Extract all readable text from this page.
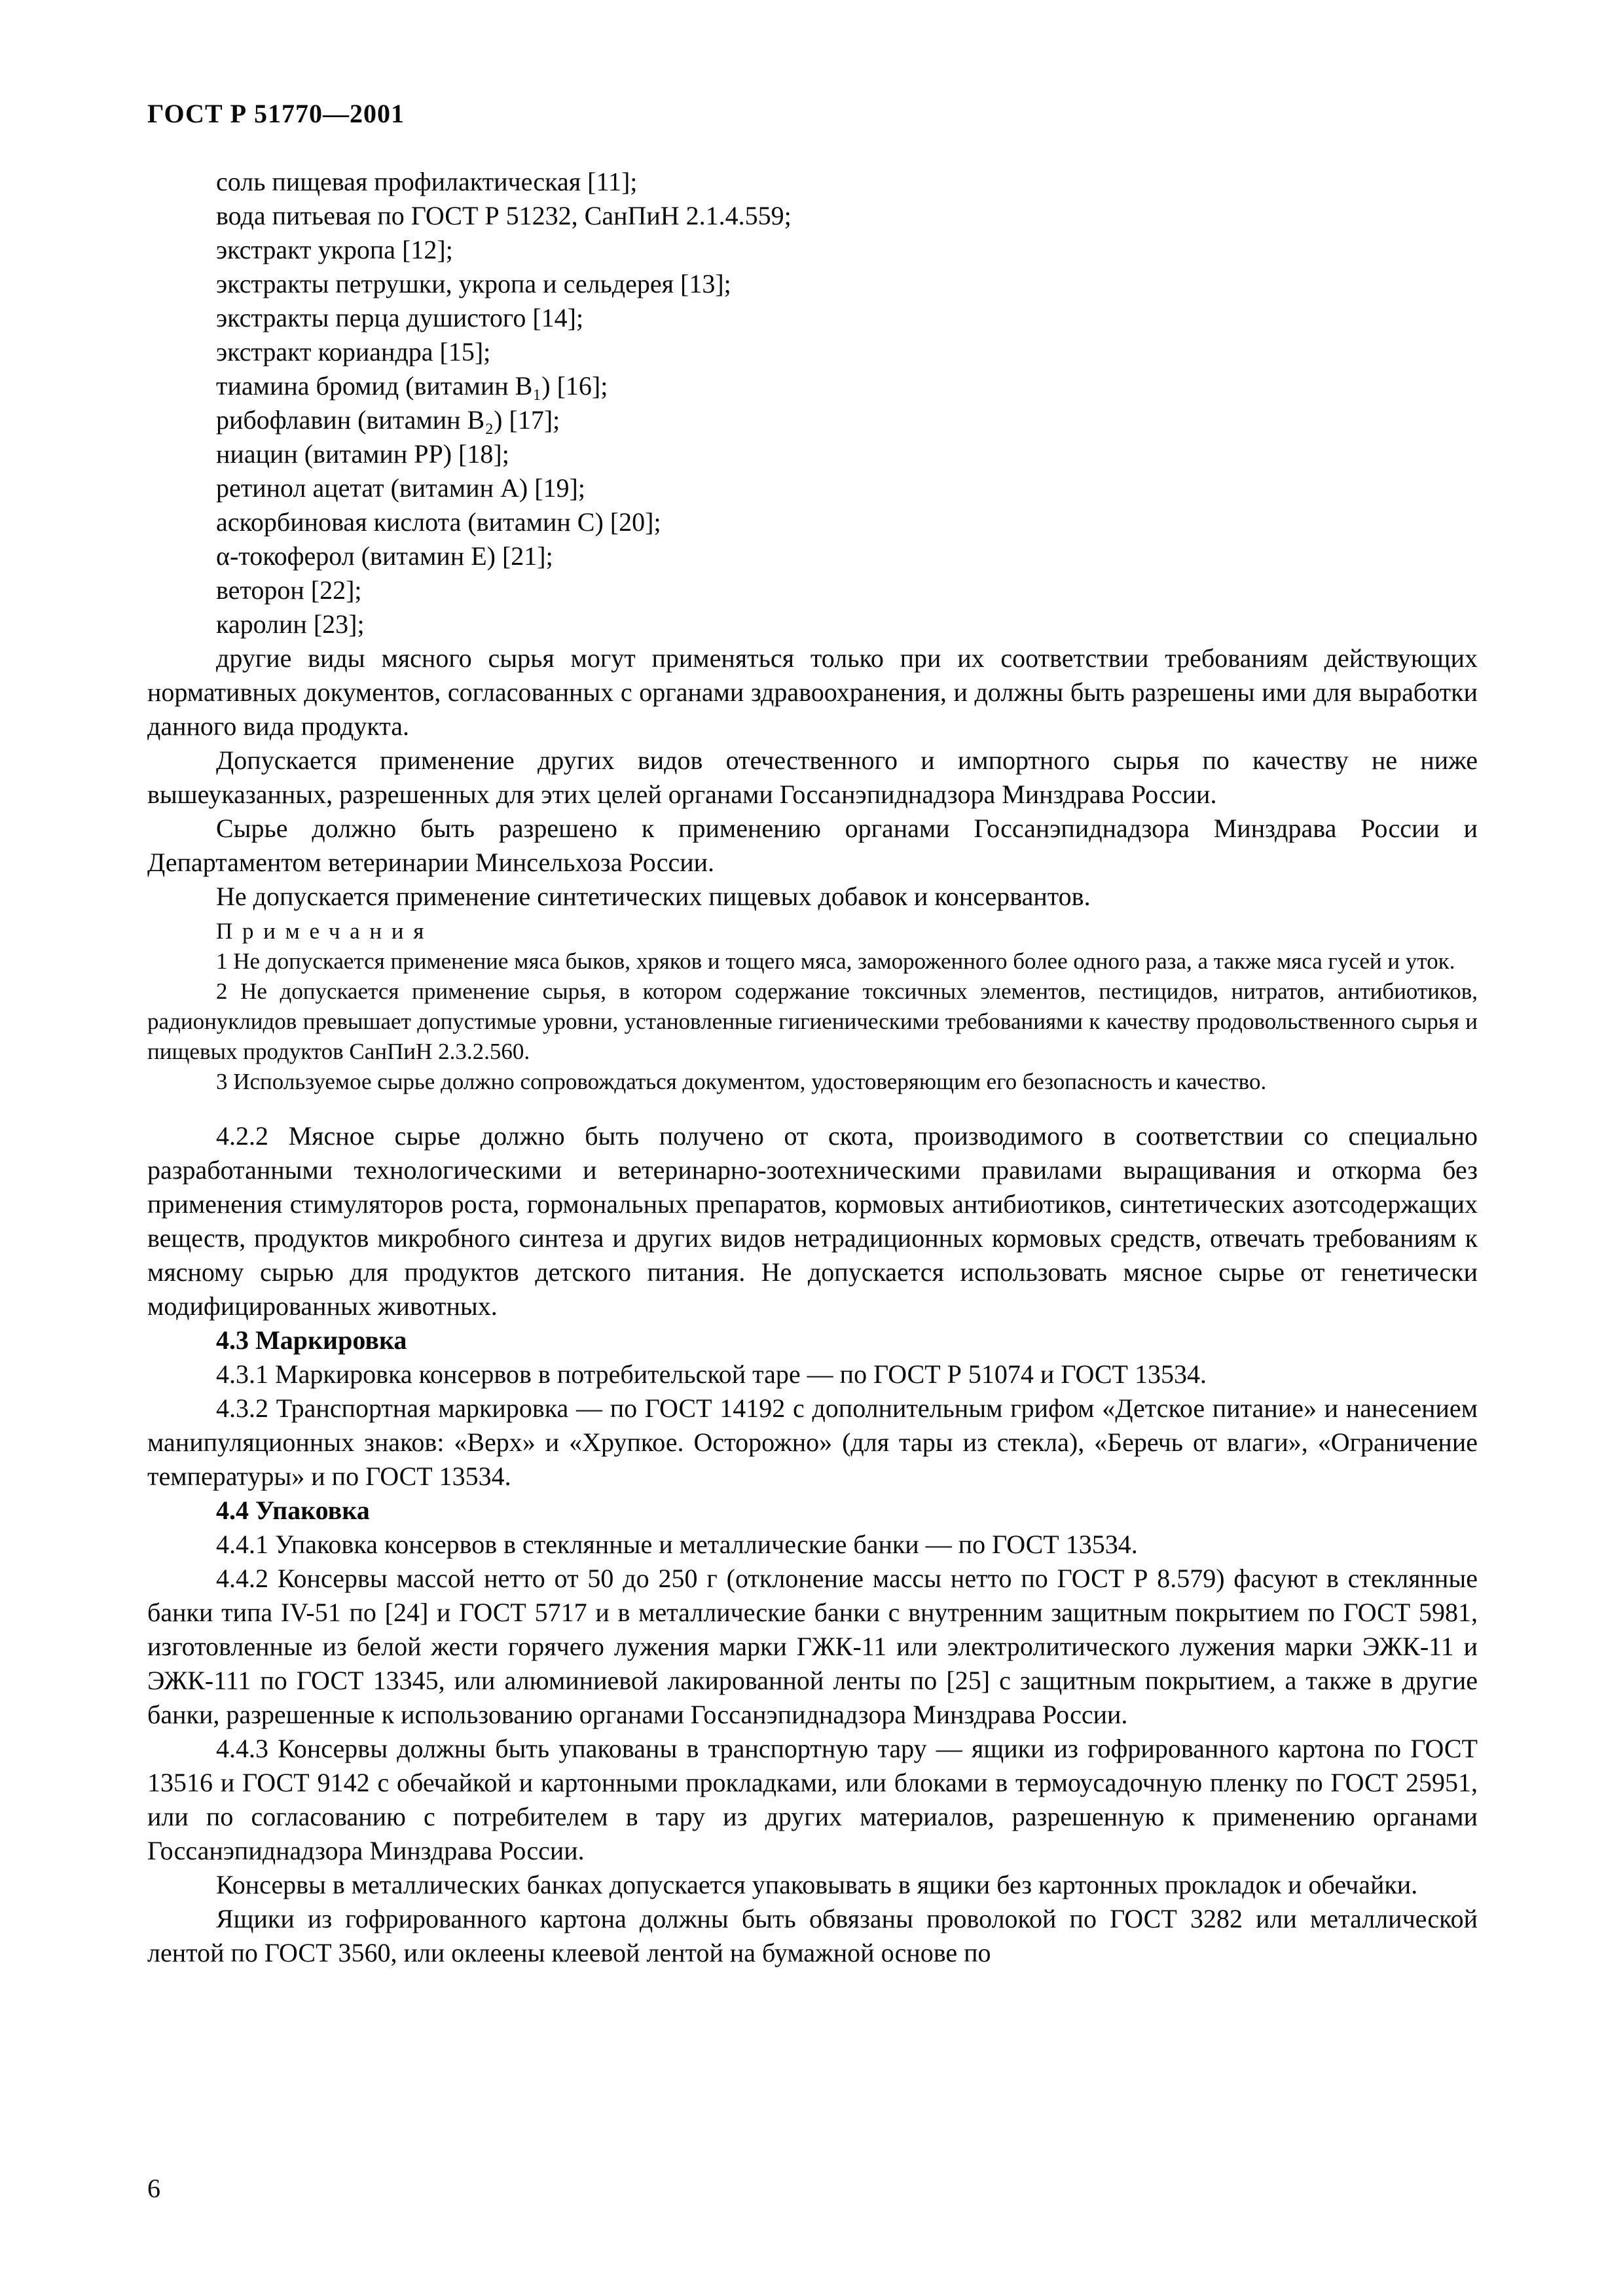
ГОСТ Р 51770—2001
соль пищевая профилактическая [11];
вода питьевая по ГОСТ Р 51232, СанПиН 2.1.4.559;
экстракт укропа [12];
экстракты петрушки, укропа и сельдерея [13];
экстракты перца душистого [14];
экстракт кориандра [15];
тиамина бромид (витамин В₁) [16];
рибофлавин (витамин В₂) [17];
ниацин (витамин РР) [18];
ретинол ацетат (витамин А) [19];
аскорбиновая кислота (витамин С) [20];
α-токоферол (витамин Е) [21];
веторон [22];
каролин [23];
другие виды мясного сырья могут применяться только при их соответствии требованиям действующих нормативных документов, согласованных с органами здравоохранения, и должны быть разрешены ими для выработки данного вида продукта.
Допускается применение других видов отечественного и импортного сырья по качеству не ниже вышеуказанных, разрешенных для этих целей органами Госсанэпиднадзора Минздрава России.
Сырье должно быть разрешено к применению органами Госсанэпиднадзора Минздрава России и Департаментом ветеринарии Минсельхоза России.
Не допускается применение синтетических пищевых добавок и консервантов.
Примечания
1 Не допускается применение мяса быков, хряков и тощего мяса, замороженного более одного раза, а также мяса гусей и уток.
2 Не допускается применение сырья, в котором содержание токсичных элементов, пестицидов, нитратов, антибиотиков, радионуклидов превышает допустимые уровни, установленные гигиеническими требованиями к качеству продовольственного сырья и пищевых продуктов СанПиН 2.3.2.560.
3 Используемое сырье должно сопровождаться документом, удостоверяющим его безопасность и качество.
4.2.2 Мясное сырье должно быть получено от скота, производимого в соответствии со специально разработанными технологическими и ветеринарно-зоотехническими правилами выращивания и откорма без применения стимуляторов роста, гормональных препаратов, кормовых антибиотиков, синтетических азотсодержащих веществ, продуктов микробного синтеза и других видов нетрадиционных кормовых средств, отвечать требованиям к мясному сырью для продуктов детского питания. Не допускается использовать мясное сырье от генетически модифицированных животных.
4.3 Маркировка
4.3.1 Маркировка консервов в потребительской таре — по ГОСТ Р 51074 и ГОСТ 13534.
4.3.2 Транспортная маркировка — по ГОСТ 14192 с дополнительным грифом «Детское питание» и нанесением манипуляционных знаков: «Верх» и «Хрупкое. Осторожно» (для тары из стекла), «Беречь от влаги», «Ограничение температуры» и по ГОСТ 13534.
4.4 Упаковка
4.4.1 Упаковка консервов в стеклянные и металлические банки — по ГОСТ 13534.
4.4.2 Консервы массой нетто от 50 до 250 г (отклонение массы нетто по ГОСТ Р 8.579) фасуют в стеклянные банки типа IV-51 по [24] и ГОСТ 5717 и в металлические банки с внутренним защитным покрытием по ГОСТ 5981, изготовленные из белой жести горячего лужения марки ГЖК-11 или электролитического лужения марки ЭЖК-11 и ЭЖК-111 по ГОСТ 13345, или алюминиевой лакированной ленты по [25] с защитным покрытием, а также в другие банки, разрешенные к использованию органами Госсанэпиднадзора Минздрава России.
4.4.3 Консервы должны быть упакованы в транспортную тару — ящики из гофрированного картона по ГОСТ 13516 и ГОСТ 9142 с обечайкой и картонными прокладками, или блоками в термоусадочную пленку по ГОСТ 25951, или по согласованию с потребителем в тару из других материалов, разрешенную к применению органами Госсанэпиднадзора Минздрава России.
Консервы в металлических банках допускается упаковывать в ящики без картонных прокладок и обечайки.
Ящики из гофрированного картона должны быть обвязаны проволокой по ГОСТ 3282 или металлической лентой по ГОСТ 3560, или оклеены клеевой лентой на бумажной основе по
6
